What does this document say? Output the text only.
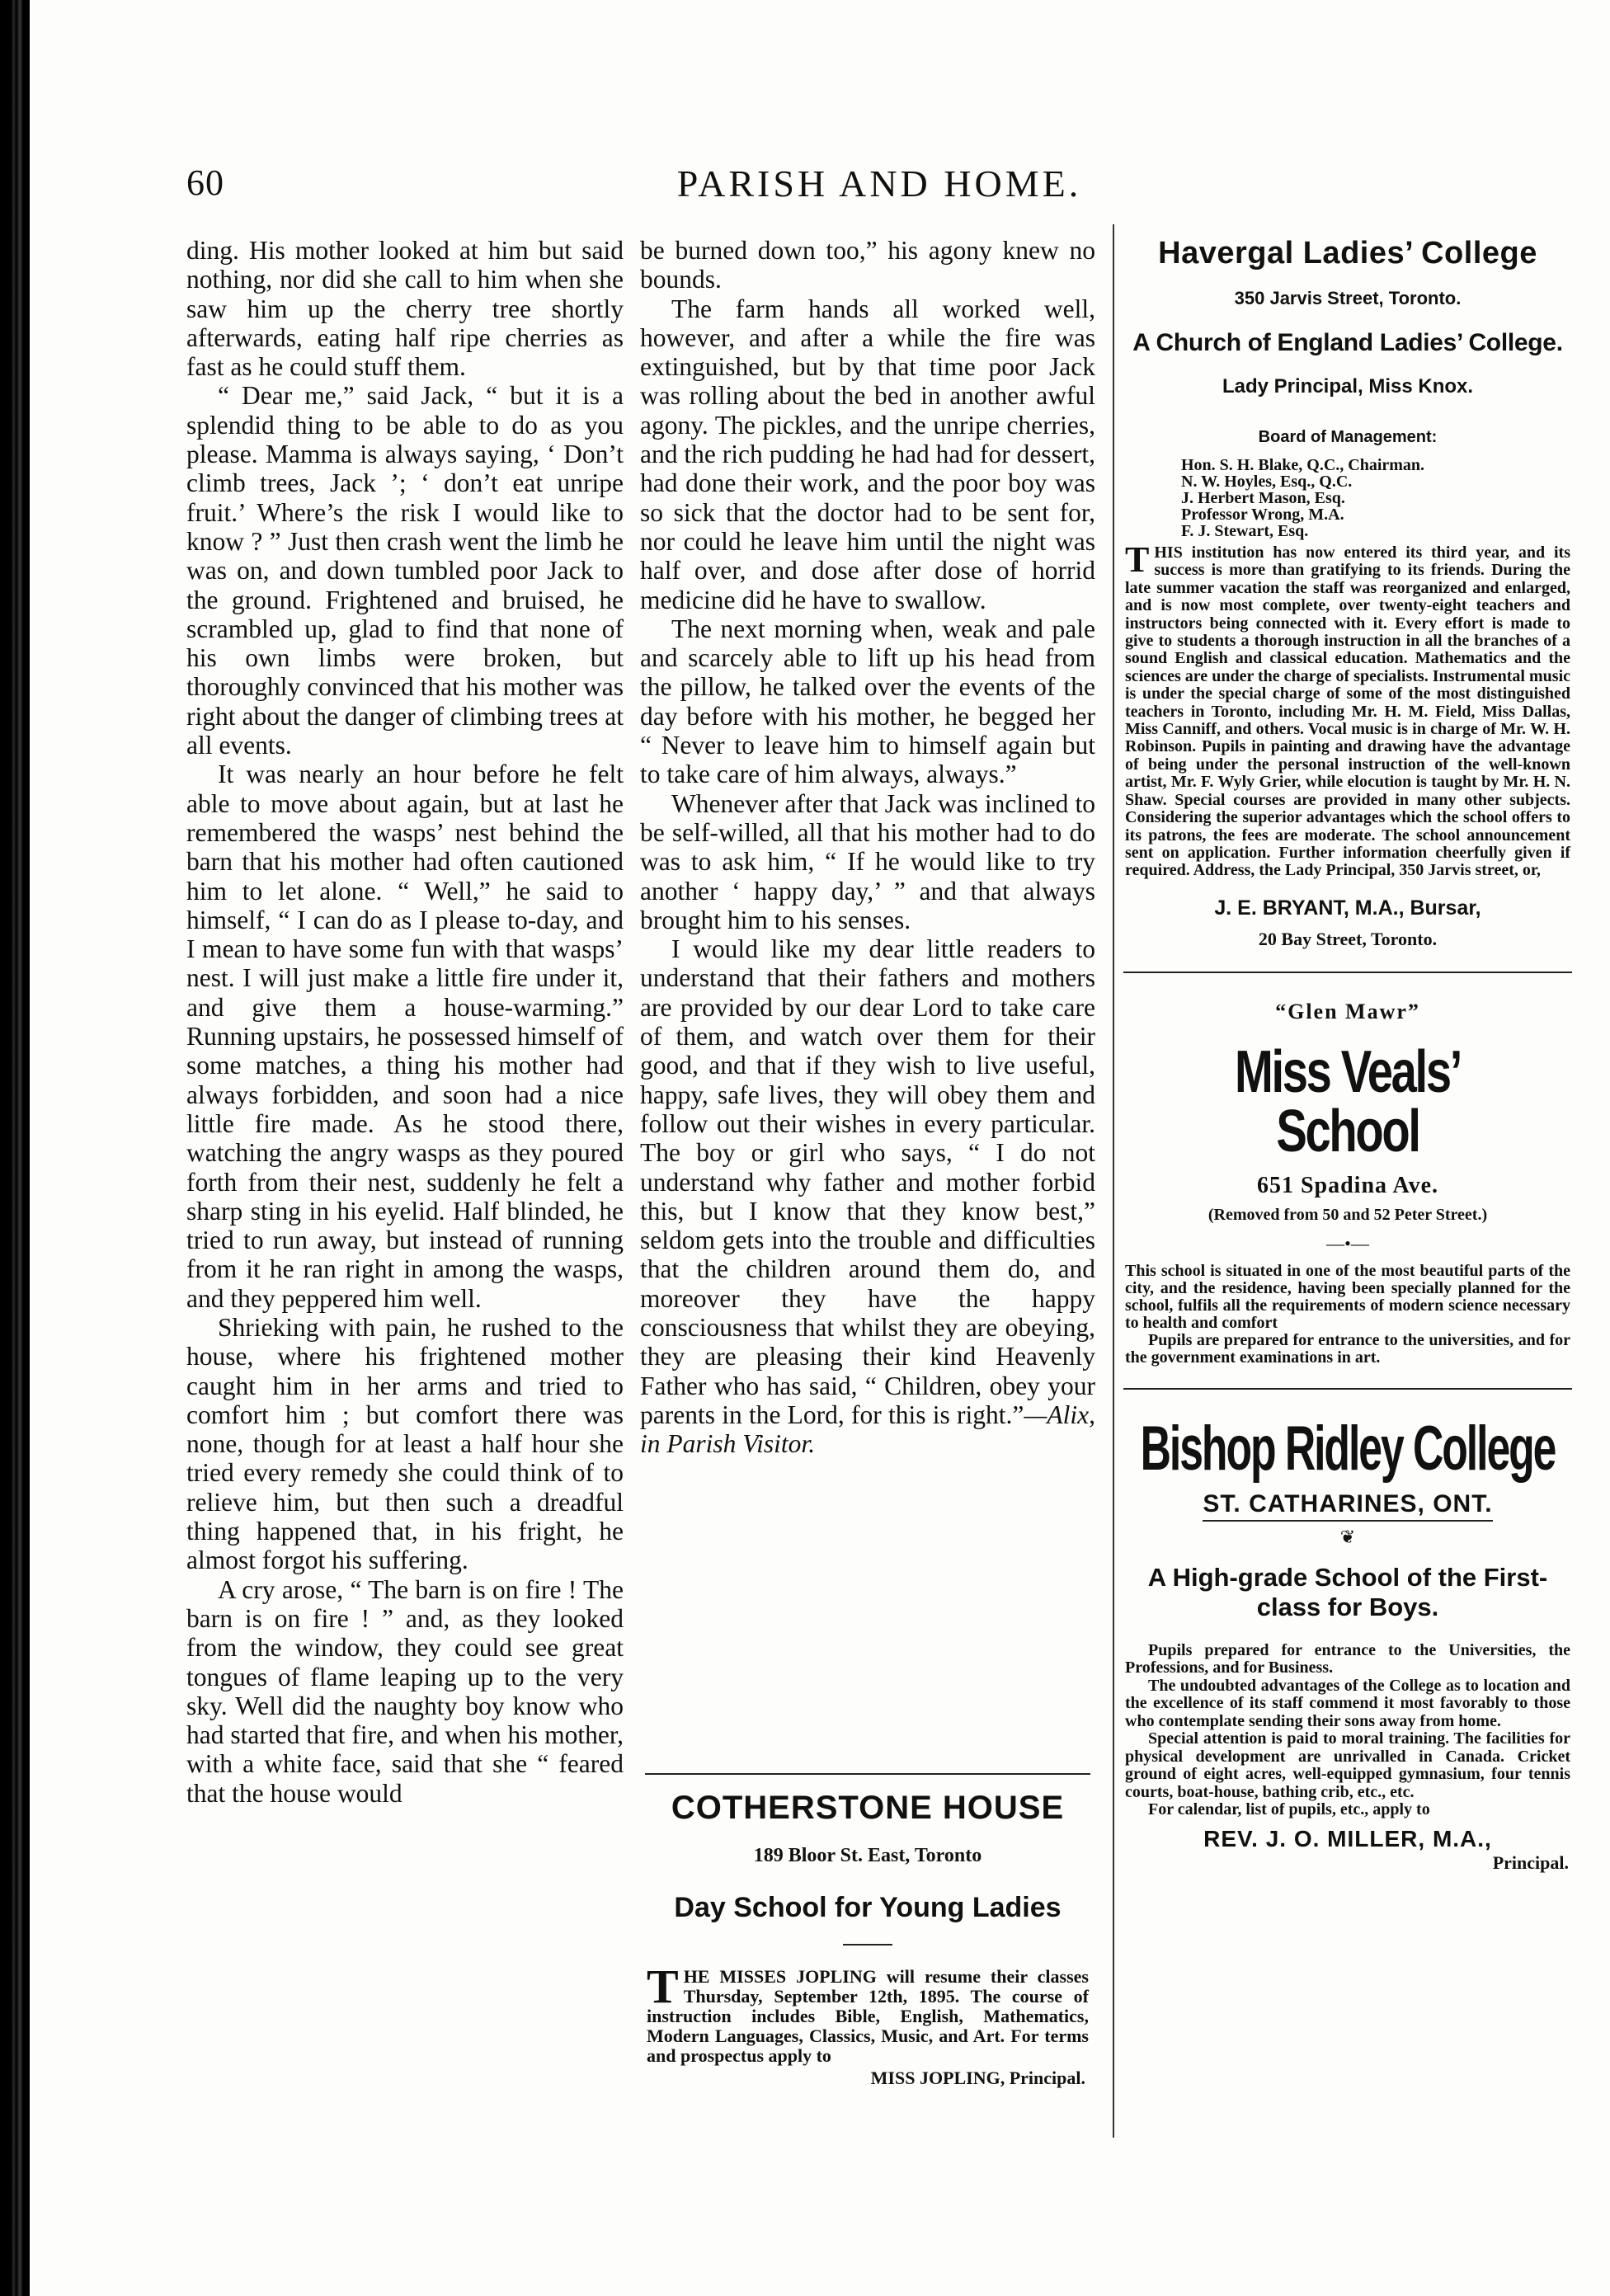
PARISH AND HOME.
60

ding. His mother looked at him but said nothing, nor did she call to him when she saw him up the cherry tree shortly afterwards, eating half ripe cherries as fast as he could stuff them.

“ Dear me,” said Jack, “ but it is a splendid thing to be able to do as you please. Mamma is always saying, ‘ Don’t climb trees, Jack ’; ‘ don’t eat unripe fruit.’ Where’s the risk I would like to know ? ” Just then crash went the limb he was on, and down tumbled poor Jack to the ground. Frightened and bruised, he scrambled up, glad to find that none of his own limbs were broken, but thoroughly convinced that his mother was right about the danger of climbing trees at all events.

It was nearly an hour before he felt able to move about again, but at last he remembered the wasps’ nest behind the barn that his mother had often cautioned him to let alone. “ Well,” he said to himself, “ I can do as I please to-day, and I mean to have some fun with that wasps’ nest. I will just make a little fire under it, and give them a house-warming.” Running upstairs, he possessed himself of some matches, a thing his mother had always forbidden, and soon had a nice little fire made. As he stood there, watching the angry wasps as they poured forth from their nest, suddenly he felt a sharp sting in his eyelid. Half blinded, he tried to run away, but instead of running from it he ran right in among the wasps, and they peppered him well.

Shrieking with pain, he rushed to the house, where his frightened mother caught him in her arms and tried to comfort him ; but comfort there was none, though for at least a half hour she tried every remedy she could think of to relieve him, but then such a dreadful thing happened that, in his fright, he almost forgot his suffering.

A cry arose, “ The barn is on fire ! The barn is on fire ! ” and, as they looked from the window, they could see great tongues of flame leaping up to the very sky. Well did the naughty boy know who had started that fire, and when his mother, with a white face, said that she “ feared that the house would

be burned down too,” his agony knew no bounds.

The farm hands all worked well, however, and after a while the fire was extinguished, but by that time poor Jack was rolling about the bed in another awful agony. The pickles, and the unripe cherries, and the rich pudding he had had for dessert, had done their work, and the poor boy was so sick that the doctor had to be sent for, nor could he leave him until the night was half over, and dose after dose of horrid medicine did he have to swallow.

The next morning when, weak and pale and scarcely able to lift up his head from the pillow, he talked over the events of the day before with his mother, he begged her “ Never to leave him to himself again but to take care of him always, always.”

Whenever after that Jack was inclined to be self-willed, all that his mother had to do was to ask him, “ If he would like to try another ‘ happy day,’ ” and that always brought him to his senses.

I would like my dear little readers to understand that their fathers and mothers are provided by our dear Lord to take care of them, and watch over them for their good, and that if they wish to live useful, happy, safe lives, they will obey them and follow out their wishes in every particular. The boy or girl who says, “ I do not understand why father and mother forbid this, but I know that they know best,” seldom gets into the trouble and difficulties that the children around them do, and moreover they have the happy consciousness that whilst they are obeying, they are pleasing their kind Heavenly Father who has said, “ Children, obey your parents in the Lord, for this is right.”—Alix, in Parish Visitor.

COTHERSTONE HOUSE
189 Bloor St. East, Toronto
Day School for Young Ladies
THE MISSES JOPLING will resume their classes Thursday, September 12th, 1895. The course of instruction includes Bible, English, Mathematics, Modern Languages, Classics, Music, and Art. For terms and prospectus apply to
MISS JOPLING, Principal.
Havergal Ladies’ College
350 Jarvis Street, Toronto.
A Church of England Ladies’ College.
Lady Principal, Miss Knox.
Board of Management:
Hon. S. H. Blake, Q.C., Chairman.
N. W. Hoyles, Esq., Q.C.
J. Herbert Mason, Esq.
Professor Wrong, M.A.
F. J. Stewart, Esq.
THIS institution has now entered its third year, and its success is more than gratifying to its friends. During the late summer vacation the staff was reorganized and enlarged, and is now most complete, over twenty-eight teachers and instructors being connected with it. Every effort is made to give to students a thorough instruction in all the branches of a sound English and classical education. Mathematics and the sciences are under the charge of specialists. Instrumental music is under the special charge of some of the most distinguished teachers in Toronto, including Mr. H. M. Field, Miss Dallas, Miss Canniff, and others. Vocal music is in charge of Mr. W. H. Robinson. Pupils in painting and drawing have the advantage of being under the personal instruction of the well-known artist, Mr. F. Wyly Grier, while elocution is taught by Mr. H. N. Shaw. Special courses are provided in many other subjects. Considering the superior advantages which the school offers to its patrons, the fees are moderate. The school announcement sent on application. Further information cheerfully given if required. Address, the Lady Principal, 350 Jarvis street, or,
J. E. BRYANT, M.A., Bursar,
20 Bay Street, Toronto.
“Glen Mawr”
Miss Veals’ School
651 Spadina Ave.
(Removed from 50 and 52 Peter Street.)
—•—
This school is situated in one of the most beautiful parts of the city, and the residence, having been specially planned for the school, fulfils all the requirements of modern science necessary to health and comfort
Pupils are prepared for entrance to the universities, and for the government examinations in art.
Bishop Ridley College
ST. CATHARINES, ONT.
❦
A High-grade School of the First-class for Boys.

Pupils prepared for entrance to the Universities, the Professions, and for Business.

The undoubted advantages of the College as to location and the excellence of its staff commend it most favorably to those who contemplate sending their sons away from home.

Special attention is paid to moral training. The facilities for physical development are unrivalled in Canada. Cricket ground of eight acres, well-equipped gymnasium, four tennis courts, boat-house, bathing crib, etc., etc.

For calendar, list of pupils, etc., apply to

REV. J. O. MILLER, M.A.,
Principal.
